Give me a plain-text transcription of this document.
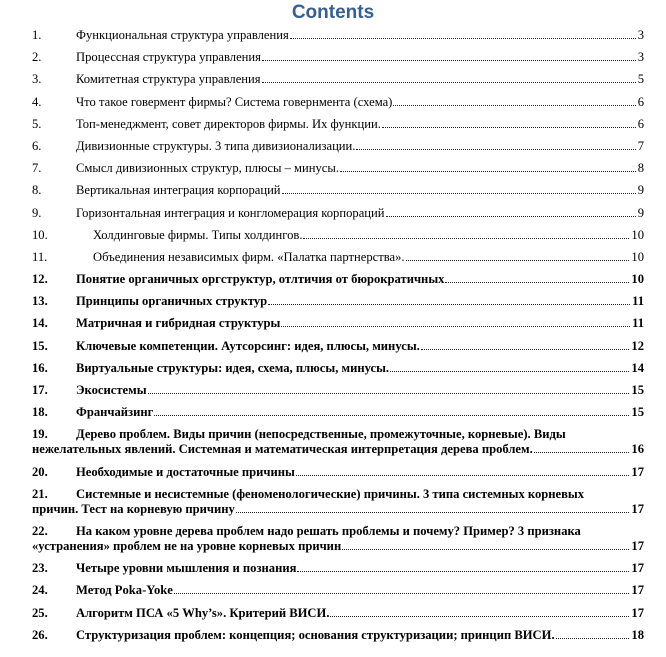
Contents
1.	Функциональная структура управления	3
2.	Процессная структура управления	3
3.	Комитетная структура управления	5
4.	Что такое говермент фирмы? Система говернмента (схема)	6
5.	Топ-менеджмент, совет директоров фирмы. Их функции.	6
6.	Дивизионные структуры. 3 типа дивизионализации.	7
7.	Смысл дивизионных структур, плюсы – минусы.	8
8.	Вертикальная интеграция корпораций	9
9.	Горизонтальная интеграция и конгломерация корпораций	9
10.	Холдинговые фирмы. Типы холдингов.	10
11.	Объединения независимых фирм. «Палатка партнерства».	10
12. Понятие органичных оргструктур, отлтичия от бюрократичных	10
13. Принципы органичных структур	11
14. Матричная и гибридная структуры	11
15. Ключевые компетенции. Аутсорсинг: идея, плюсы, минусы.	12
16. Виртуальные структуры: идея, схема, плюсы, минусы.	14
17. Экосистемы	15
18. Франчайзинг	15
19.	Дерево проблем. Виды причин (непосредственные, промежуточные, корневые). Виды
нежелательных явлений. Системная и математическая интерпретация дерева проблем.	16
20. Необходимые и достаточные причины	17
21.	Системные и несистемные (феноменологические) причины. 3 типа системных корневых
причин. Тест на корневую причину	17
22.	На каком уровне дерева проблем надо решать проблемы и почему? Пример? 3 признака
«устранения» проблем не на уровне корневых причин	17
23. Четыре уровни мышления и познания	17
24. Метод Poka-Yoke	17
25. Алгоритм ПСА «5 Why’s». Критерий ВИСИ.	17
26. Структуризация проблем: концепция; основания структуризации; принцип ВИСИ.	18
